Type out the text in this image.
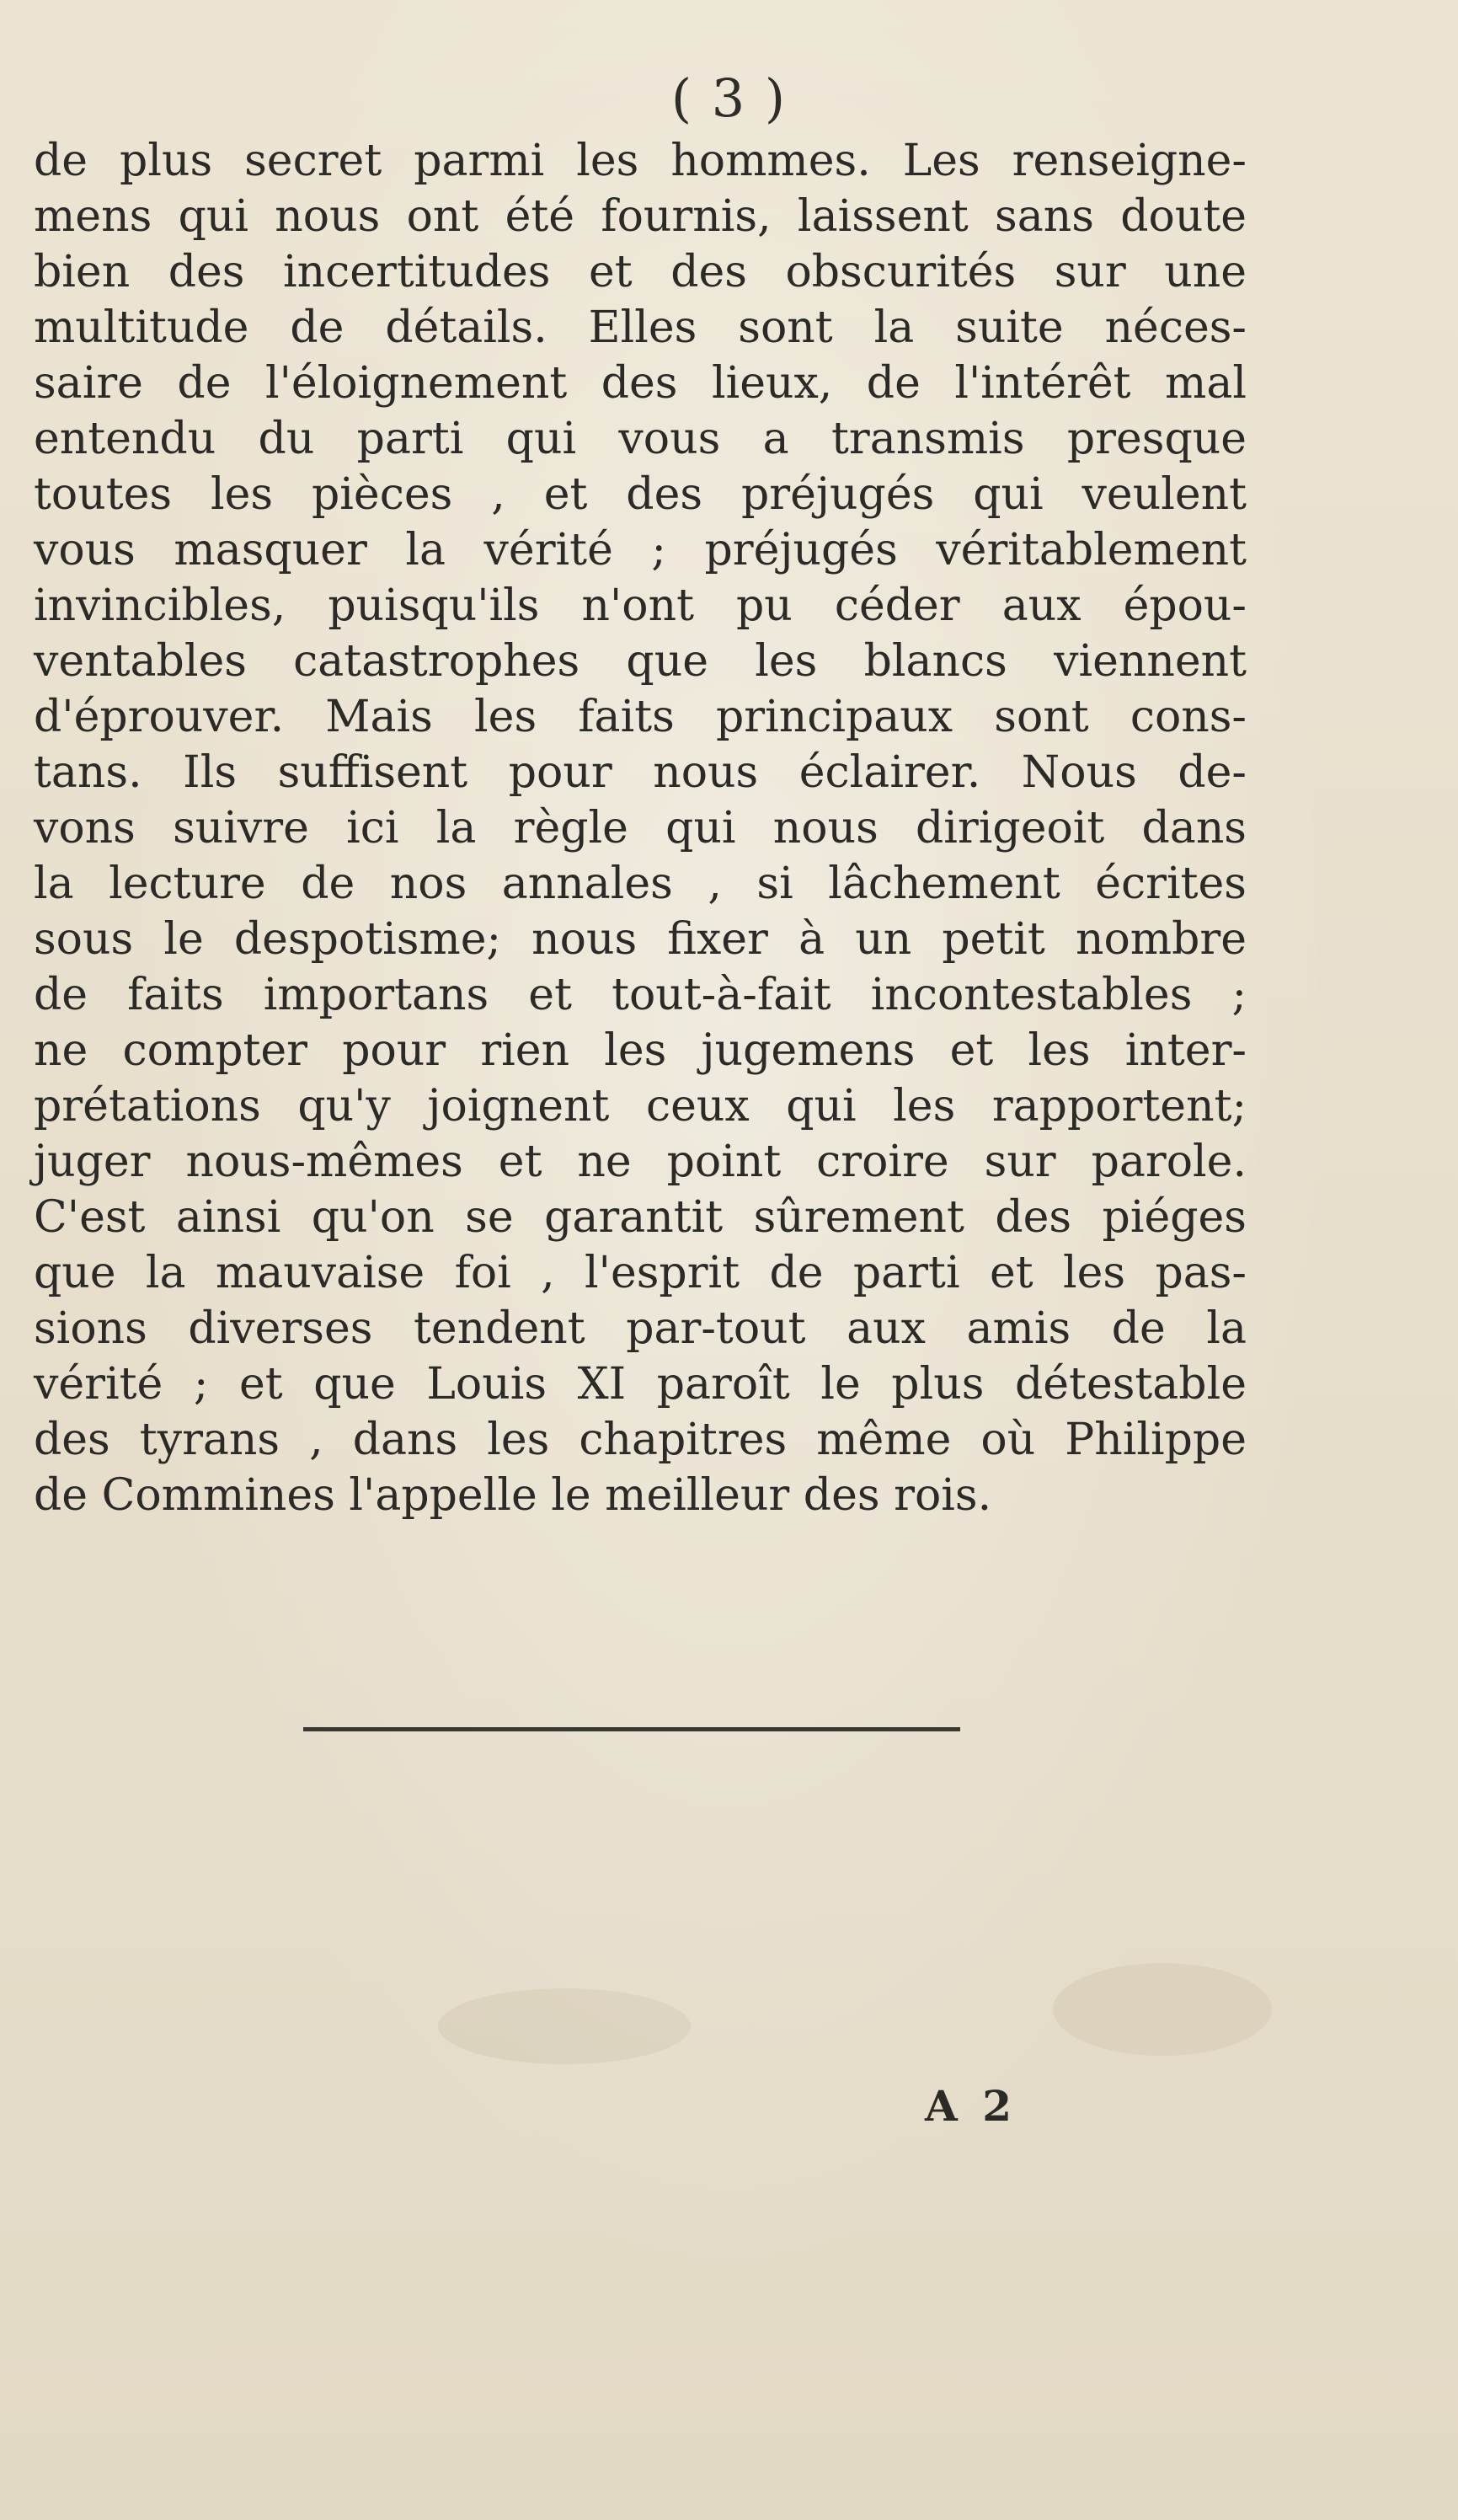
( 3 )
de plus secret parmi les hommes. Les renseigne-
mens qui nous ont été fournis, laissent sans doute
bien des incertitudes et des obscurités sur une
multitude de détails. Elles sont la suite néces-
saire de l'éloignement des lieux, de l'intérêt mal
entendu du parti qui vous a transmis presque
toutes les pièces , et des préjugés qui veulent
vous masquer la vérité ; préjugés véritablement
invincibles, puisqu'ils n'ont pu céder aux épou-
ventables catastrophes que les blancs viennent
d'éprouver. Mais les faits principaux sont cons-
tans. Ils suffisent pour nous éclairer. Nous de-
vons suivre ici la règle qui nous dirigeoit dans
la lecture de nos annales , si lâchement écrites
sous le despotisme; nous fixer à un petit nombre
de faits importans et tout-à-fait incontestables ;
ne compter pour rien les jugemens et les inter-
prétations qu'y joignent ceux qui les rapportent;
juger nous-mêmes et ne point croire sur parole.
C'est ainsi qu'on se garantit sûrement des piéges
que la mauvaise foi , l'esprit de parti et les pas-
sions diverses tendent par-tout aux amis de la
vérité ; et que Louis XI paroît le plus détestable
des tyrans , dans les chapitres même où Philippe
de Commines l'appelle le meilleur des rois.
A 2
